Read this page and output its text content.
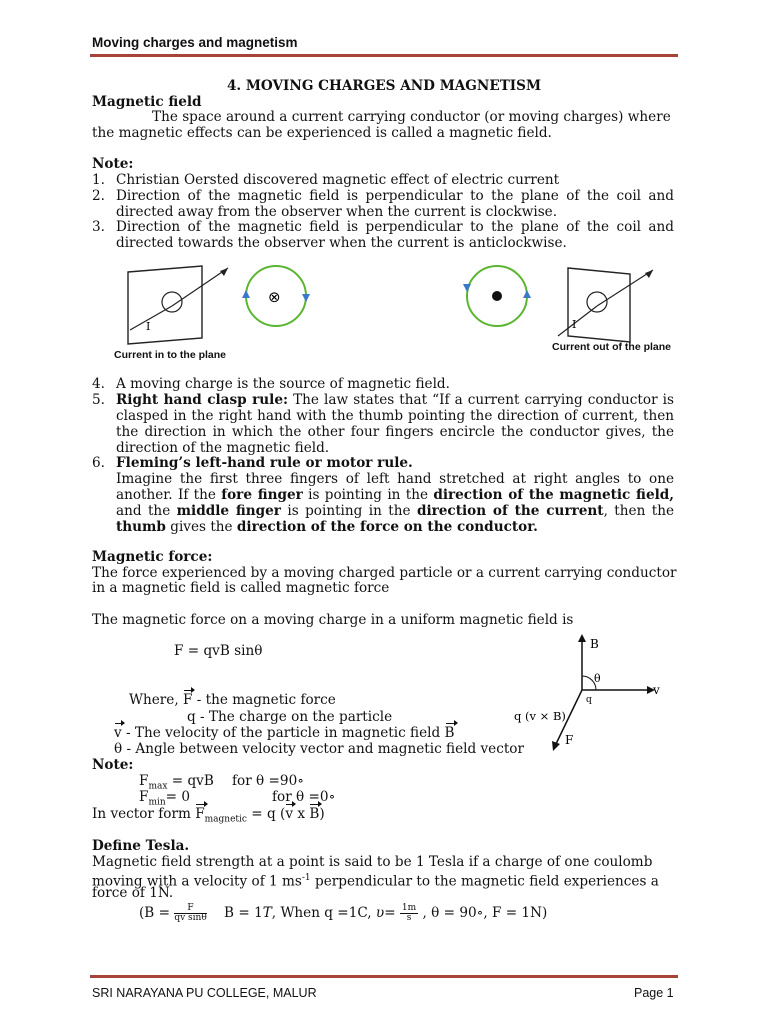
Moving charges and magnetism
4. MOVING CHARGES AND MAGNETISM
Magnetic field
The space around a current carrying conductor (or moving charges) where
the magnetic effects can be experienced is called a magnetic field.
Note:
1. Christian Oersted discovered magnetic effect of electric current
2. Direction of the magnetic field is perpendicular to the plane of the coil and directed away from the observer when the current is clockwise.
3. Direction of the magnetic field is perpendicular to the plane of the coil and directed towards the observer when the current is anticlockwise.
I
⊗
I
Current in to the plane
Current out of the plane
4. A moving charge is the source of magnetic field.
5. Right hand clasp rule: The law states that “If a current carrying conductor is clasped in the right hand with the thumb pointing the direction of current, then the direction in which the other four fingers encircle the conductor gives, the direction of the magnetic field.
6. Fleming’s left-hand rule or motor rule.
Imagine the first three fingers of left hand stretched at right angles to one another. If the fore finger is pointing in the direction of the magnetic field, and the middle finger is pointing in the direction of the current, then the thumb gives the direction of the force on the conductor.
Magnetic force:
The force experienced by a moving charged particle or a current carrying conductor
in a magnetic field is called magnetic force
The magnetic force on a moving charge in a uniform magnetic field is
F = qvB sinθ
Where, F - the magnetic force
q - The charge on the particle
v - The velocity of the particle in magnetic field B
θ - Angle between velocity vector and magnetic field vector
B
v
θ
q
F
q (v × B)
Note:
$F_{max}$ = qvB for θ =90∘
$F_{min}= 0$	for θ =0∘
In vector form $F_{magnetic} = q$ (v x B)
Define Tesla.
Magnetic field strength at a point is said to be 1 Tesla if a charge of one coulomb
moving with a velocity of 1 $ms^{-1}$ perpendicular to the magnetic field experiences a
force of 1N.
($B = \frac{F}{\text{qv sinθ}}$ B = 1T, When q =1C, $\upsilon= \frac{1m}{s}$ , θ = 90∘, F = 1N)
SRI NARAYANA PU COLLEGE, MALUR	Page 1
